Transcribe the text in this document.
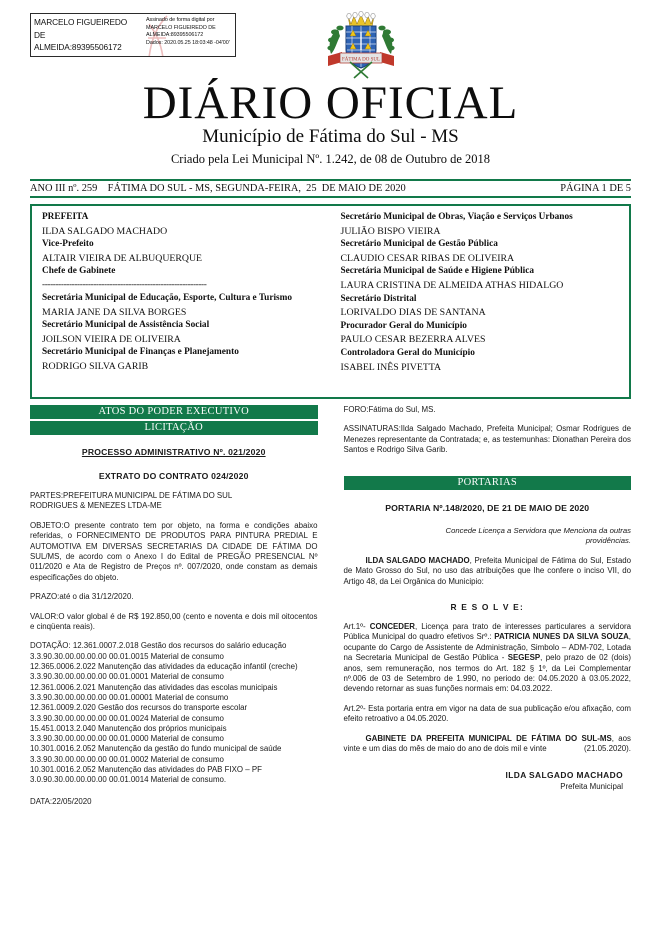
MARCELO FIGUEIREDO
DE
ALMEIDA:89395506172
Assinado de forma digital por
MARCELO FIGUEIREDO DE
ALMEIDA:89395506172
Dados: 2020.05.25 18:03:48 -04'00'
FÁTIMA DO SUL
DIÁRIO OFICIAL
Município de Fátima do Sul - MS
Criado pela Lei Municipal Nº. 1.242, de 08 de Outubro de 2018
ANO III nº. 259    FÁTIMA DO SUL - MS, SEGUNDA-FEIRA,  25  DE MAIO DE 2020	PÁGINA 1 DE 5
PREFEITA
ILDA SALGADO MACHADO
Vice-Prefeito
ALTAIR VIEIRA DE ALBUQUERQUE
Chefe de Gabinete
-------------------------------------------------------------
Secretária Municipal de Educação, Esporte, Cultura e Turismo
MARIA JANE DA SILVA BORGES
Secretário Municipal de Assistência Social
JOILSON VIEIRA DE OLIVEIRA
Secretário Municipal de Finanças e Planejamento
RODRIGO SILVA GARIB
Secretário Municipal de Obras, Viação e Serviços Urbanos
JULIÃO BISPO VIEIRA
Secretário Municipal de Gestão Pública
CLAUDIO CESAR RIBAS DE OLIVEIRA
Secretária Municipal de Saúde e Higiene Pública
LAURA CRISTINA DE ALMEIDA ATHAS HIDALGO
Secretário Distrital
LORIVALDO DIAS DE SANTANA
Procurador Geral do Município
PAULO CESAR BEZERRA ALVES
Controladora Geral do Município
ISABEL INÊS PIVETTA
ATOS DO PODER EXECUTIVO
LICITAÇÃO
PROCESSO ADMINISTRATIVO Nº. 021/2020
EXTRATO DO CONTRATO 024/2020
PARTES:PREFEITURA MUNICIPAL DE FÁTIMA DO SUL
RODRIGUES & MENEZES LTDA-ME
OBJETO:O presente contrato tem por objeto, na forma e condições abaixo referidas, o FORNECIMENTO DE PRODUTOS PARA PINTURA PREDIAL E AUTOMOTIVA EM DIVERSAS SECRETARIAS DA CIDADE DE FÁTIMA DO SUL/MS, de acordo com o Anexo I do Edital de PREGÃO PRESENCIAL Nº 011/2020 e Ata de Registro de Preços nº. 007/2020, onde constam as demais especificações do objeto.
PRAZO:até o dia 31/12/2020.
VALOR:O valor global é de R$ 192.850,00 (cento e noventa e dois mil oitocentos e cinqüenta reais).
DOTAÇÃO: 12.361.0007.2.018 Gestão dos recursos do salário educação
3.3.90.30.00.00.00.00 00.01.0015 Material de consumo
12.365.0006.2.022 Manutenção das atividades da educação infantil (creche)
3.3.90.30.00.00.00.00 00.01.0001 Material de consumo
12.361.0006.2.021 Manutenção das atividades das escolas municipais
3.3.90.30.00.00.00.00 00.01.00001 Material de consumo
12.361.0009.2.020 Gestão dos recursos do transporte escolar
3.3.90.30.00.00.00.00 00.01.0024 Material de consumo
15.451.0013.2.040 Manutenção dos próprios municipais
3.3.90.30.00.00.00.00 00.01.0000 Material de consumo
10.301.0016.2.052 Manutenção da gestão do fundo municipal de saúde
3.3.90.30.00.00.00.00 00.01.0002 Material de consumo
10.301.0016.2.052 Manutenção das atividades do PAB FIXO – PF
3.0.90.30.00.00.00.00 00.01.0014 Material de consumo.
DATA:22/05/2020
FORO:Fátima do Sul, MS.
ASSINATURAS:Ilda Salgado Machado, Prefeita Municipal; Osmar Rodrigues de Menezes representante da Contratada; e, as testemunhas: Dionathan Pereira dos Santos e Rodrigo Silva Garib.
PORTARIAS
PORTARIA Nº.148/2020, DE 21 DE MAIO DE 2020
Concede Licença a Servidora que Menciona da outras providências.
ILDA SALGADO MACHADO, Prefeita Municipal de Fátima do Sul, Estado de Mato Grosso do Sul, no uso das atribuições que lhe confere o inciso VII, do Artigo 48, da Lei Orgânica do Municipio:
R E S O L V E:
Art.1º- CONCEDER, Licença para trato de interesses particulares a servidora Pública Municipal do quadro efetivos Srº.: PATRICIA NUNES DA SILVA SOUZA, ocupante do Cargo de Assistente de Administração, Simbolo – ADM-702, Lotada na Secretaria Municipal de Gestão Pública - SEGESP, pelo prazo de 02 (dois) anos, sem remuneração, nos termos do Art. 182 § 1º, da Lei Complementar nº.006 de 03 de Setembro de 1.990, no periodo de: 04.05.2020 à 03.05.2022, devendo retornar as suas funções normais em: 04.03.2022.
Art.2º- Esta portaria entra em vigor na data de sua publicação e/ou afixação, com efeito retroativo a 04.05.2020.
GABINETE DA PREFEITA MUNICIPAL DE FÁTIMA DO SUL-MS, aos vinte e um dias do mês de maio do ano de dois mil e vinte	(21.05.2020).
ILDA SALGADO MACHADO
Prefeita Municipal
